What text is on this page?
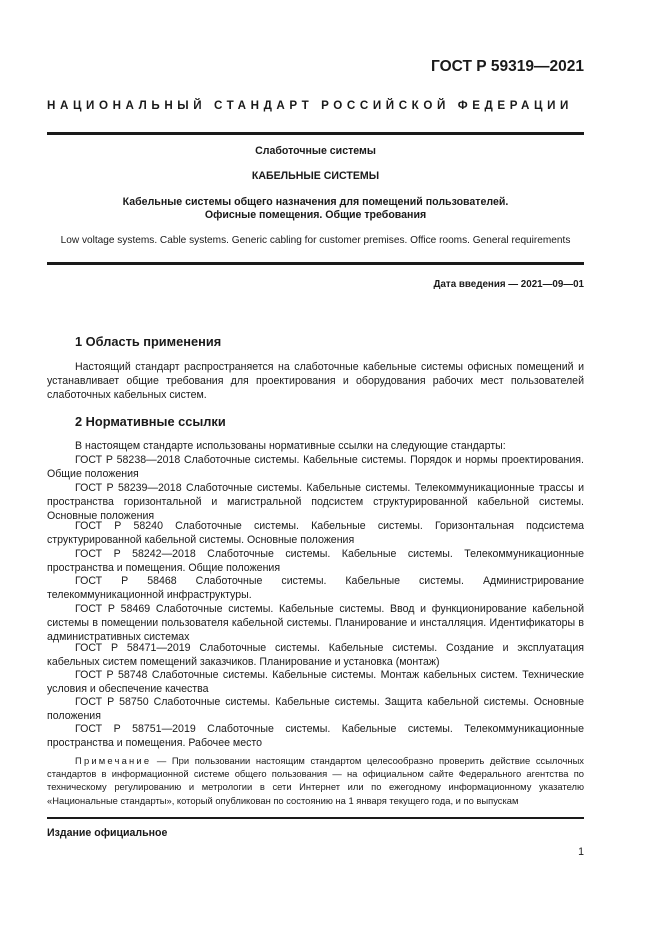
ГОСТ Р 59319—2021
НАЦИОНАЛЬНЫЙ СТАНДАРТ РОССИЙСКОЙ ФЕДЕРАЦИИ
Слаботочные системы
КАБЕЛЬНЫЕ СИСТЕМЫ
Кабельные системы общего назначения для помещений пользователей.
Офисные помещения. Общие требования
Low voltage systems. Cable systems. Generic cabling for customer premises. Office rooms. General requirements
Дата введения — 2021—09—01
1 Область применения
Настоящий стандарт распространяется на слаботочные кабельные системы офисных помещений и устанавливает общие требования для проектирования и оборудования рабочих мест пользователей слаботочных кабельных систем.
2 Нормативные ссылки
В настоящем стандарте использованы нормативные ссылки на следующие стандарты:
ГОСТ Р 58238—2018 Слаботочные системы. Кабельные системы. Порядок и нормы проектирования. Общие положения
ГОСТ Р 58239—2018 Слаботочные системы. Кабельные системы. Телекоммуникационные трассы и пространства горизонтальной и магистральной подсистем структурированной кабельной системы. Основные положения
ГОСТ Р 58240 Слаботочные системы. Кабельные системы. Горизонтальная подсистема структурированной кабельной системы. Основные положения
ГОСТ Р 58242—2018 Слаботочные системы. Кабельные системы. Телекоммуникационные пространства и помещения. Общие положения
ГОСТ Р 58468 Слаботочные системы. Кабельные системы. Администрирование телекоммуникационной инфраструктуры.
ГОСТ Р 58469 Слаботочные системы. Кабельные системы. Ввод и функционирование кабельной системы в помещении пользователя кабельной системы. Планирование и инсталляция. Идентификаторы в административных системах
ГОСТ Р 58471—2019 Слаботочные системы. Кабельные системы. Создание и эксплуатация кабельных систем помещений заказчиков. Планирование и установка (монтаж)
ГОСТ Р 58748 Слаботочные системы. Кабельные системы. Монтаж кабельных систем. Технические условия и обеспечение качества
ГОСТ Р 58750 Слаботочные системы. Кабельные системы. Защита кабельной системы. Основные положения
ГОСТ Р 58751—2019 Слаботочные системы. Кабельные системы. Телекоммуникационные пространства и помещения. Рабочее место
Примечание — При пользовании настоящим стандартом целесообразно проверить действие ссылочных стандартов в информационной системе общего пользования — на официальном сайте Федерального агентства по техническому регулированию и метрологии в сети Интернет или по ежегодному информационному указателю «Национальные стандарты», который опубликован по состоянию на 1 января текущего года, и по выпускам
Издание официальное
1
